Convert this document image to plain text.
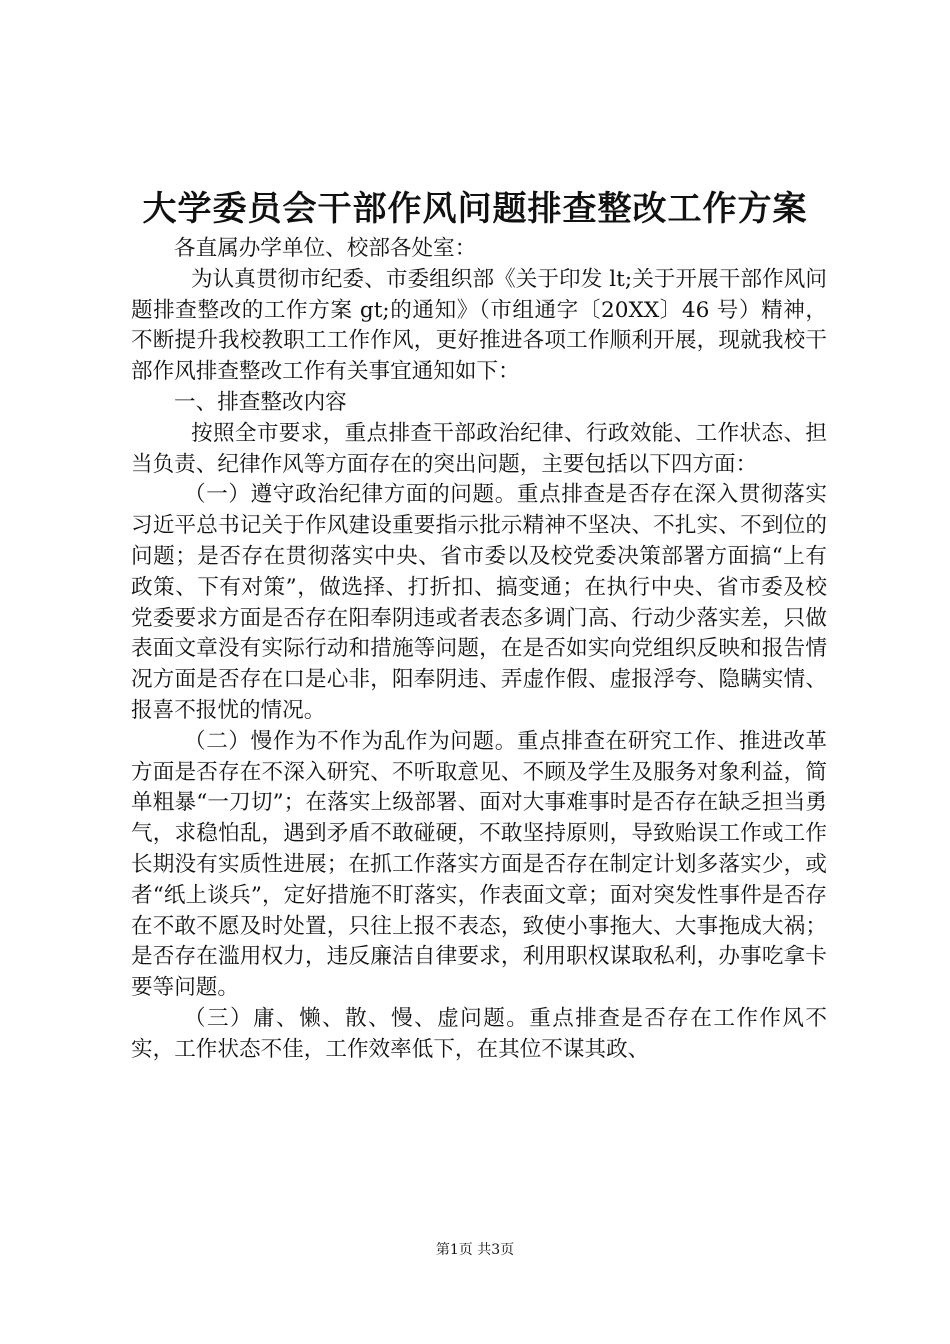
大学委员会干部作风问题排查整改工作方案

各直属办学单位、校部各处室：

为认真贯彻市纪委、市委组织部《关于印发 lt;关于开展干部作风问题排查整改的工作方案 gt;的通知》（市组通字〔20XX〕46 号）精神，不断提升我校教职工工作作风，更好推进各项工作顺利开展，现就我校干部作风排查整改工作有关事宜通知如下：

一、排查整改内容

按照全市要求，重点排查干部政治纪律、行政效能、工作状态、担当负责、纪律作风等方面存在的突出问题，主要包括以下四方面：

（一）遵守政治纪律方面的问题。重点排查是否存在深入贯彻落实习近平总书记关于作风建设重要指示批示精神不坚决、不扎实、不到位的问题；是否存在贯彻落实中央、省市委以及校党委决策部署方面搞“上有政策、下有对策”，做选择、打折扣、搞变通；在执行中央、省市委及校党委要求方面是否存在阳奉阴违或者表态多调门高、行动少落实差，只做表面文章没有实际行动和措施等问题，在是否如实向党组织反映和报告情况方面是否存在口是心非，阳奉阴违、弄虚作假、虚报浮夸、隐瞒实情、报喜不报忧的情况。

（二）慢作为不作为乱作为问题。重点排查在研究工作、推进改革方面是否存在不深入研究、不听取意见、不顾及学生及服务对象利益，简单粗暴“一刀切”；在落实上级部署、面对大事难事时是否存在缺乏担当勇气，求稳怕乱，遇到矛盾不敢碰硬，不敢坚持原则，导致贻误工作或工作长期没有实质性进展；在抓工作落实方面是否存在制定计划多落实少，或者“纸上谈兵”，定好措施不盯落实，作表面文章；面对突发性事件是否存在不敢不愿及时处置，只往上报不表态，致使小事拖大、大事拖成大祸；是否存在滥用权力，违反廉洁自律要求，利用职权谋取私利，办事吃拿卡要等问题。

（三）庸、懒、散、慢、虚问题。重点排查是否存在工作作风不实，工作状态不佳，工作效率低下，在其位不谋其政、

第1页 共3页
